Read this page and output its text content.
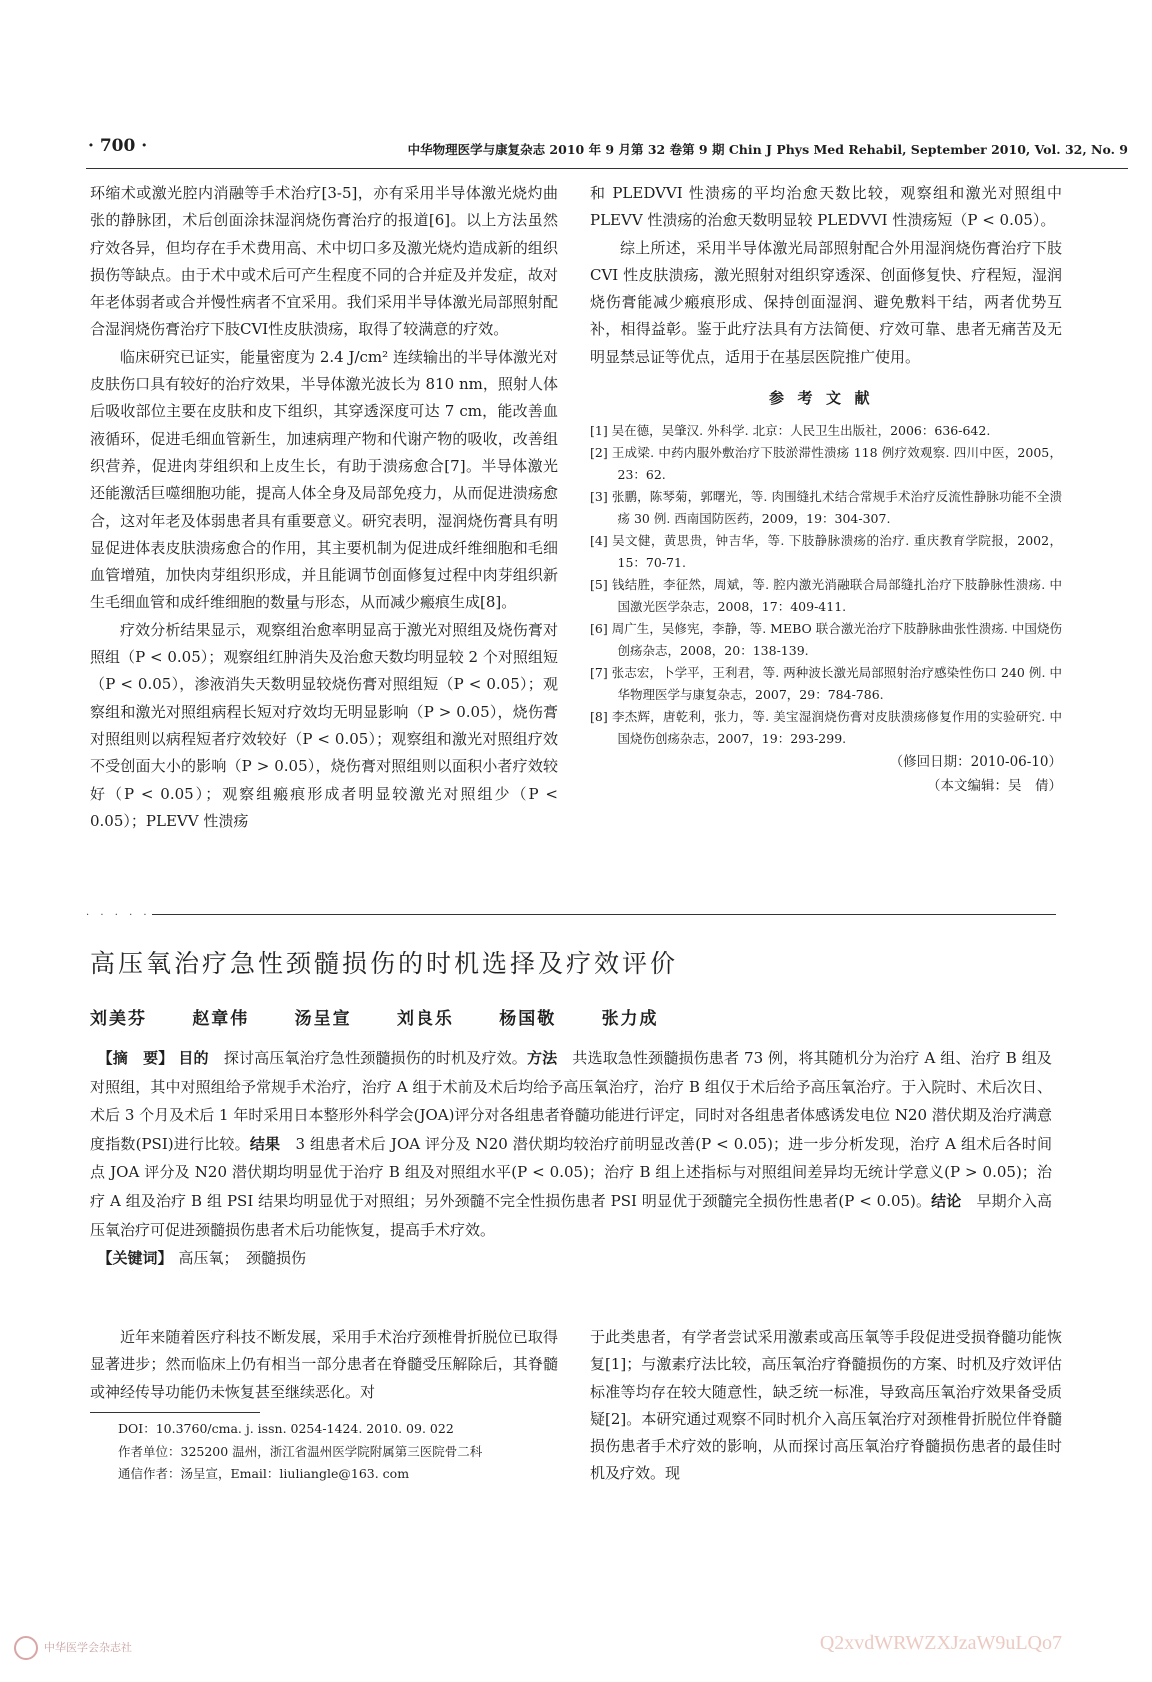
· 700 ·	中华物理医学与康复杂志 2010 年 9 月第 32 卷第 9 期 Chin J Phys Med Rehabil, September 2010, Vol. 32, No. 9

环缩术或激光腔内消融等手术治疗[3-5]，亦有采用半导体激光烧灼曲张的静脉团，术后创面涂抹湿润烧伤膏治疗的报道[6]。以上方法虽然疗效各异，但均存在手术费用高、术中切口多及激光烧灼造成新的组织损伤等缺点。由于术中或术后可产生程度不同的合并症及并发症，故对年老体弱者或合并慢性病者不宜采用。我们采用半导体激光局部照射配合湿润烧伤膏治疗下肢CVI性皮肤溃疡，取得了较满意的疗效。

临床研究已证实，能量密度为 2.4 J/cm² 连续输出的半导体激光对皮肤伤口具有较好的治疗效果，半导体激光波长为 810 nm，照射人体后吸收部位主要在皮肤和皮下组织，其穿透深度可达 7 cm，能改善血液循环，促进毛细血管新生，加速病理产物和代谢产物的吸收，改善组织营养，促进肉芽组织和上皮生长，有助于溃疡愈合[7]。半导体激光还能激活巨噬细胞功能，提高人体全身及局部免疫力，从而促进溃疡愈合，这对年老及体弱患者具有重要意义。研究表明，湿润烧伤膏具有明显促进体表皮肤溃疡愈合的作用，其主要机制为促进成纤维细胞和毛细血管增殖，加快肉芽组织形成，并且能调节创面修复过程中肉芽组织新生毛细血管和成纤维细胞的数量与形态，从而减少瘢痕生成[8]。

疗效分析结果显示，观察组治愈率明显高于激光对照组及烧伤膏对照组（P < 0.05）；观察组红肿消失及治愈天数均明显较 2 个对照组短（P < 0.05），渗液消失天数明显较烧伤膏对照组短（P < 0.05）；观察组和激光对照组病程长短对疗效均无明显影响（P > 0.05），烧伤膏对照组则以病程短者疗效较好（P < 0.05）；观察组和激光对照组疗效不受创面大小的影响（P > 0.05），烧伤膏对照组则以面积小者疗效较好（P < 0.05）；观察组瘢痕形成者明显较激光对照组少（P < 0.05）；PLEVV 性溃疡

和 PLEDVVI 性溃疡的平均治愈天数比较，观察组和激光对照组中 PLEVV 性溃疡的治愈天数明显较 PLEDVVI 性溃疡短（P < 0.05）。

综上所述，采用半导体激光局部照射配合外用湿润烧伤膏治疗下肢 CVI 性皮肤溃疡，激光照射对组织穿透深、创面修复快、疗程短，湿润烧伤膏能减少瘢痕形成、保持创面湿润、避免敷料干结，两者优势互补，相得益彰。鉴于此疗法具有方法简便、疗效可靠、患者无痛苦及无明显禁忌证等优点，适用于在基层医院推广使用。

参考文献
[1] 吴在德，吴肇汉. 外科学. 北京：人民卫生出版社，2006：636-642.
[2] 王成梁. 中药内服外敷治疗下肢淤滞性溃疡 118 例疗效观察. 四川中医，2005，23：62.
[3] 张鹏，陈琴菊，郭曙光，等. 肉围缝扎术结合常规手术治疗反流性静脉功能不全溃疡 30 例. 西南国防医药，2009，19：304-307.
[4] 吴文健，黄思贵，钟吉华，等. 下肢静脉溃疡的治疗. 重庆教育学院报，2002，15：70-71.
[5] 钱结胜，李征然，周斌，等. 腔内激光消融联合局部缝扎治疗下肢静脉性溃疡. 中国激光医学杂志，2008，17：409-411.
[6] 周广生，吴修宪，李静，等. MEBO 联合激光治疗下肢静脉曲张性溃疡. 中国烧伤创疡杂志，2008，20：138-139.
[7] 张志宏，卜学平，王利君，等. 两种波长激光局部照射治疗感染性伤口 240 例. 中华物理医学与康复杂志，2007，29：784-786.
[8] 李杰辉，唐乾利，张力，等. 美宝湿润烧伤膏对皮肤溃疡修复作用的实验研究. 中国烧伤创疡杂志，2007，19：293-299.
（修回日期：2010-06-10）
（本文编辑：吴　倩）
· · · · ·
高压氧治疗急性颈髓损伤的时机选择及疗效评价
刘美芬	赵章伟	汤呈宣	刘良乐	杨国敬	张力成

　【摘　要】 目的　 探讨高压氧治疗急性颈髓损伤的时机及疗效。方法　 共选取急性颈髓损伤患者 73 例，将其随机分为治疗 A 组、治疗 B 组及对照组，其中对照组给予常规手术治疗，治疗 A 组于术前及术后均给予高压氧治疗，治疗 B 组仅于术后给予高压氧治疗。于入院时、术后次日、术后 3 个月及术后 1 年时采用日本整形外科学会(JOA)评分对各组患者脊髓功能进行评定，同时对各组患者体感诱发电位 N20 潜伏期及治疗满意度指数(PSI)进行比较。结果　 3 组患者术后 JOA 评分及 N20 潜伏期均较治疗前明显改善(P < 0.05)；进一步分析发现，治疗 A 组术后各时间点 JOA 评分及 N20 潜伏期均明显优于治疗 B 组及对照组水平(P < 0.05)；治疗 B 组上述指标与对照组间差异均无统计学意义(P > 0.05)；治疗 A 组及治疗 B 组 PSI 结果均明显优于对照组；另外颈髓不完全性损伤患者 PSI 明显优于颈髓完全损伤性患者(P < 0.05)。结论　 早期介入高压氧治疗可促进颈髓损伤患者术后功能恢复，提高手术疗效。

　【关键词】 高压氧；　颈髓损伤

近年来随着医疗科技不断发展，采用手术治疗颈椎骨折脱位已取得显著进步；然而临床上仍有相当一部分患者在脊髓受压解除后，其脊髓或神经传导功能仍未恢复甚至继续恶化。对

于此类患者，有学者尝试采用激素或高压氧等手段促进受损脊髓功能恢复[1]；与激素疗法比较，高压氧治疗脊髓损伤的方案、时机及疗效评估标准等均存在较大随意性，缺乏统一标准，导致高压氧治疗效果备受质疑[2]。本研究通过观察不同时机介入高压氧治疗对颈椎骨折脱位伴脊髓损伤患者手术疗效的影响，从而探讨高压氧治疗脊髓损伤患者的最佳时机及疗效。现

DOI：10.3760/cma. j. issn. 0254-1424. 2010. 09. 022
作者单位：325200 温州，浙江省温州医学院附属第三医院骨二科
通信作者：汤呈宣，Email：liuliangle@163. com
中华医学会杂志社	Q2xvdWRWZXJzaW9uLQo7
